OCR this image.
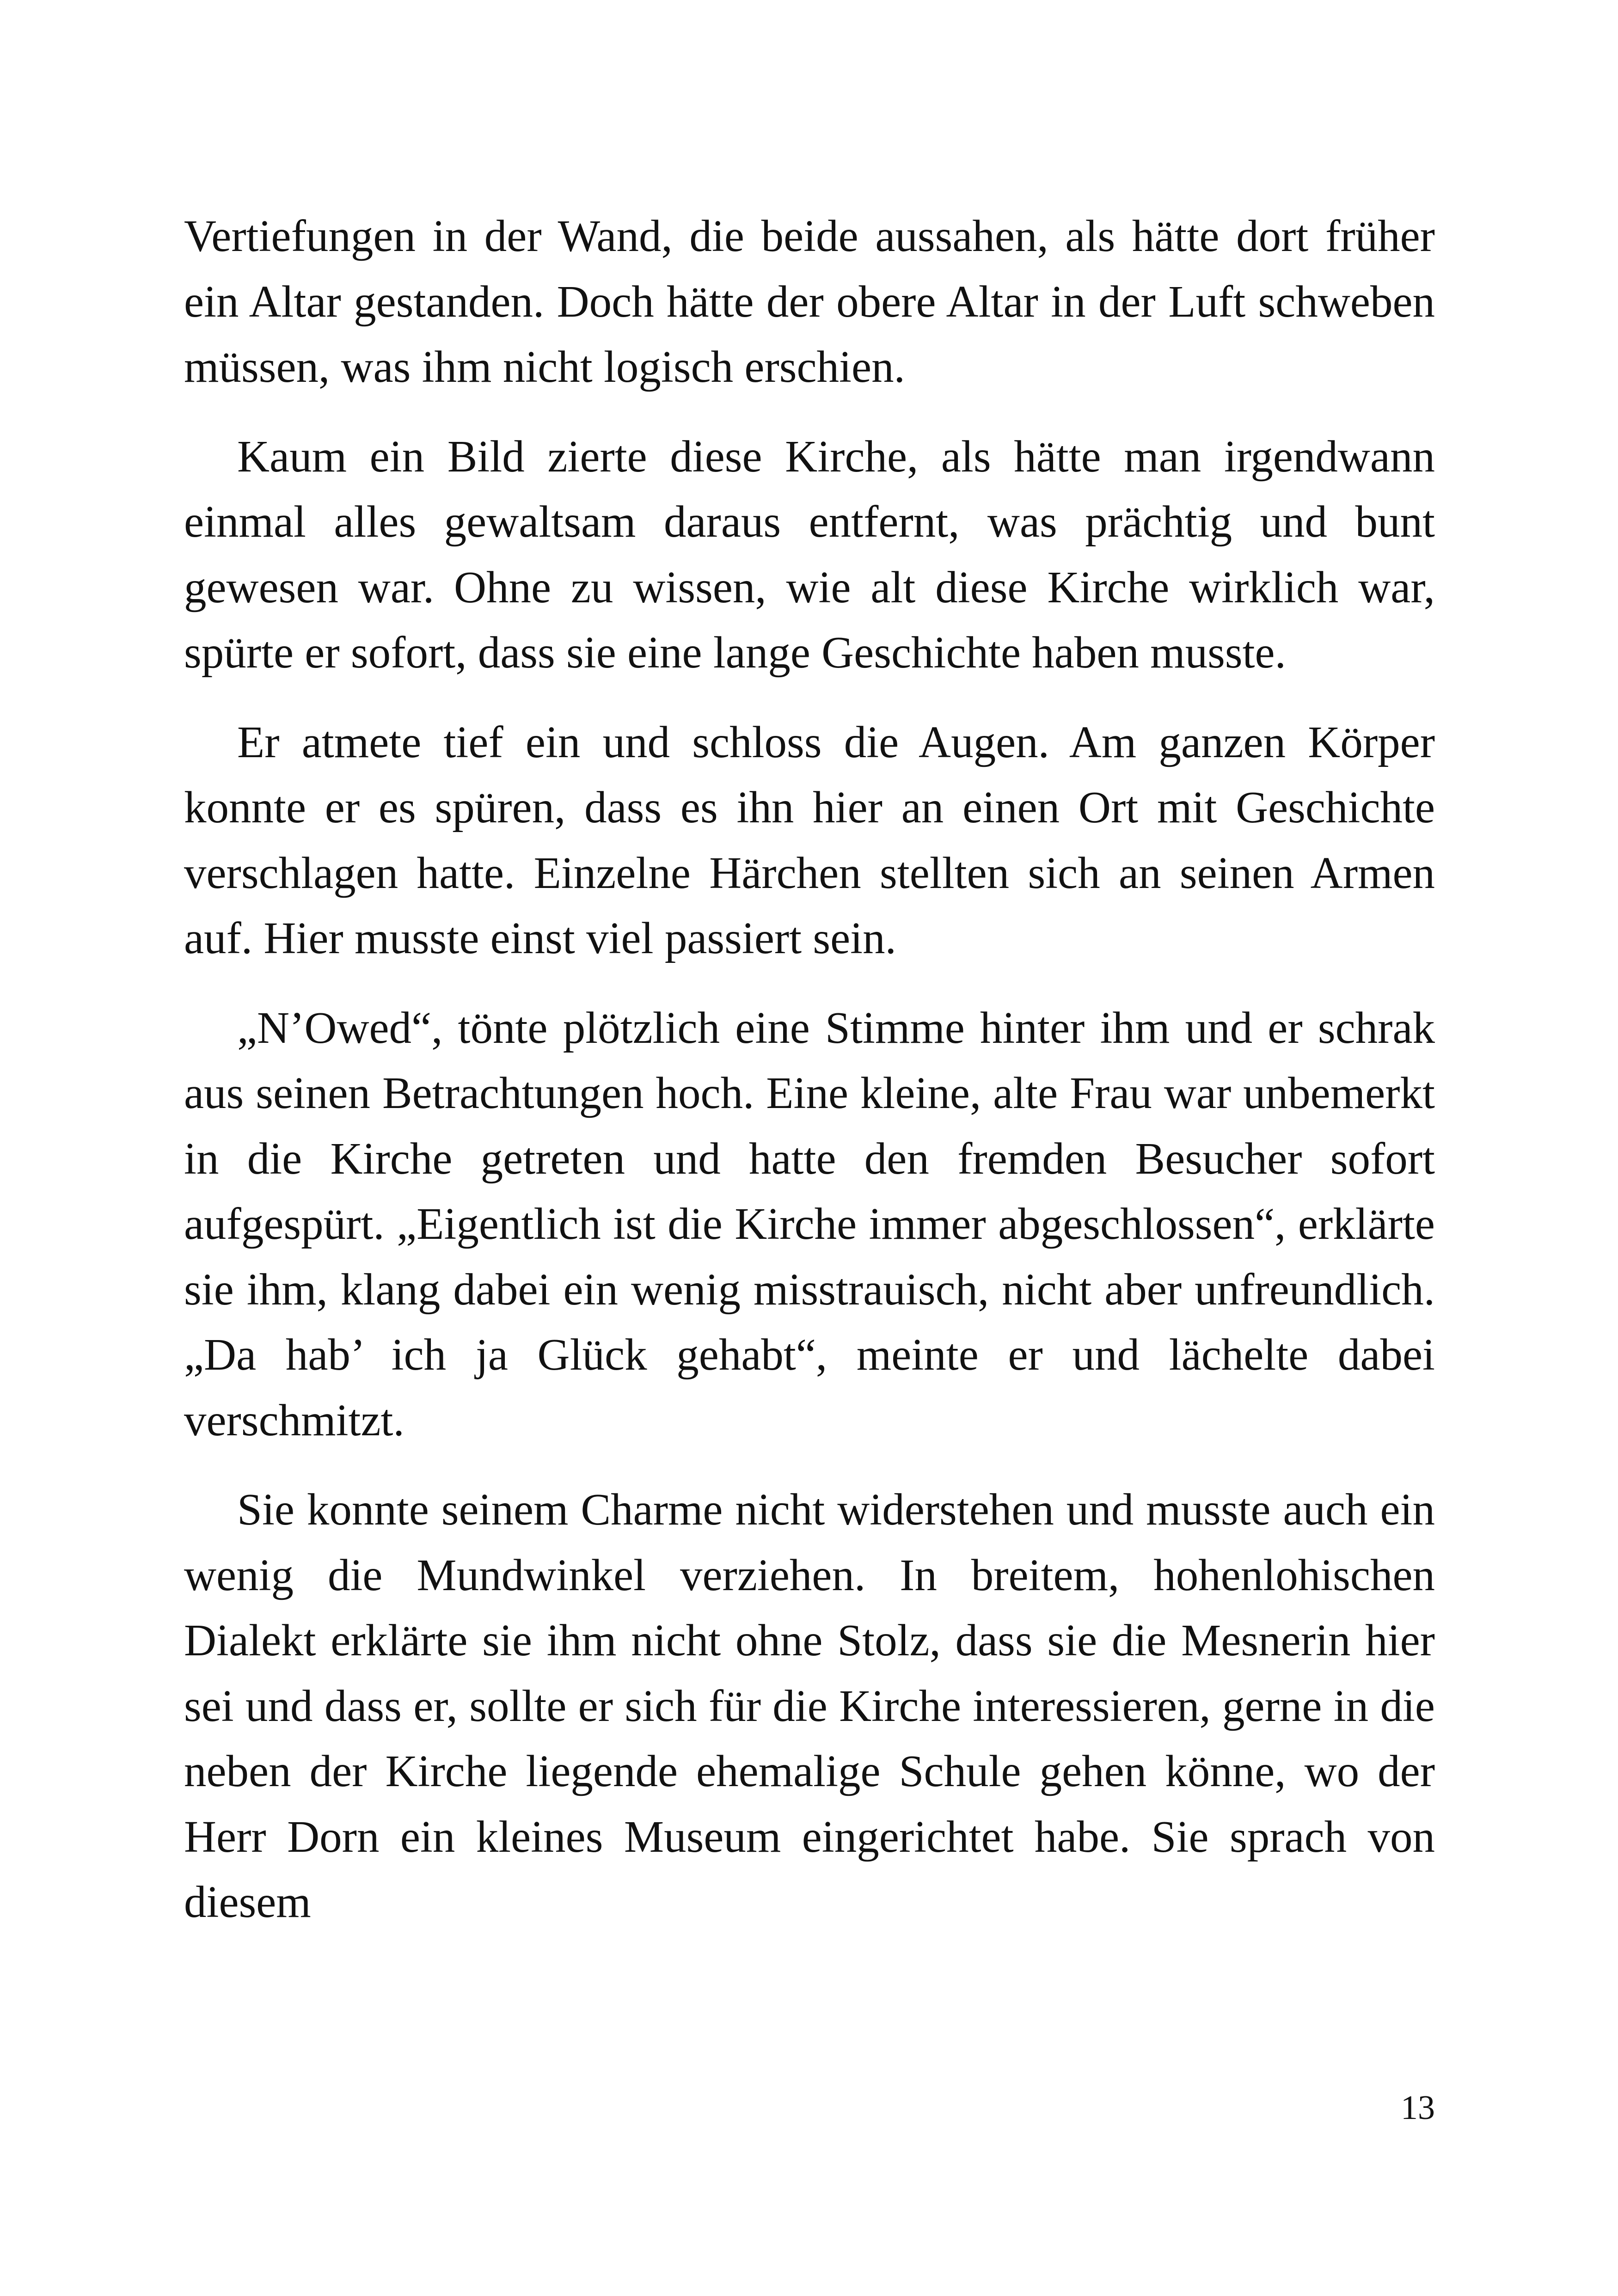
Vertiefungen in der Wand, die beide aussahen, als hätte dort früher ein Altar gestanden. Doch hätte der obere Altar in der Luft schweben müssen, was ihm nicht logisch erschien.

Kaum ein Bild zierte diese Kirche, als hätte man irgendwann einmal alles gewaltsam daraus entfernt, was prächtig und bunt gewesen war. Ohne zu wissen, wie alt diese Kirche wirklich war, spürte er sofort, dass sie eine lange Geschichte haben musste.

Er atmete tief ein und schloss die Augen. Am ganzen Körper konnte er es spüren, dass es ihn hier an einen Ort mit Geschichte verschlagen hatte. Einzelne Härchen stellten sich an seinen Armen auf. Hier musste einst viel passiert sein.

„N’Owed“, tönte plötzlich eine Stimme hinter ihm und er schrak aus seinen Betrachtungen hoch. Eine kleine, alte Frau war unbemerkt in die Kirche getreten und hatte den fremden Besucher sofort aufgespürt. „Eigentlich ist die Kirche immer abgeschlossen“, erklärte sie ihm, klang dabei ein wenig misstrauisch, nicht aber unfreundlich. „Da hab’ ich ja Glück gehabt“, meinte er und lächelte dabei verschmitzt.

Sie konnte seinem Charme nicht widerstehen und musste auch ein wenig die Mundwinkel verziehen. In breitem, hohenlohischen Dialekt erklärte sie ihm nicht ohne Stolz, dass sie die Mesnerin hier sei und dass er, sollte er sich für die Kirche interessieren, gerne in die neben der Kirche liegende ehemalige Schule gehen könne, wo der Herr Dorn ein kleines Museum eingerichtet habe. Sie sprach von diesem

13
